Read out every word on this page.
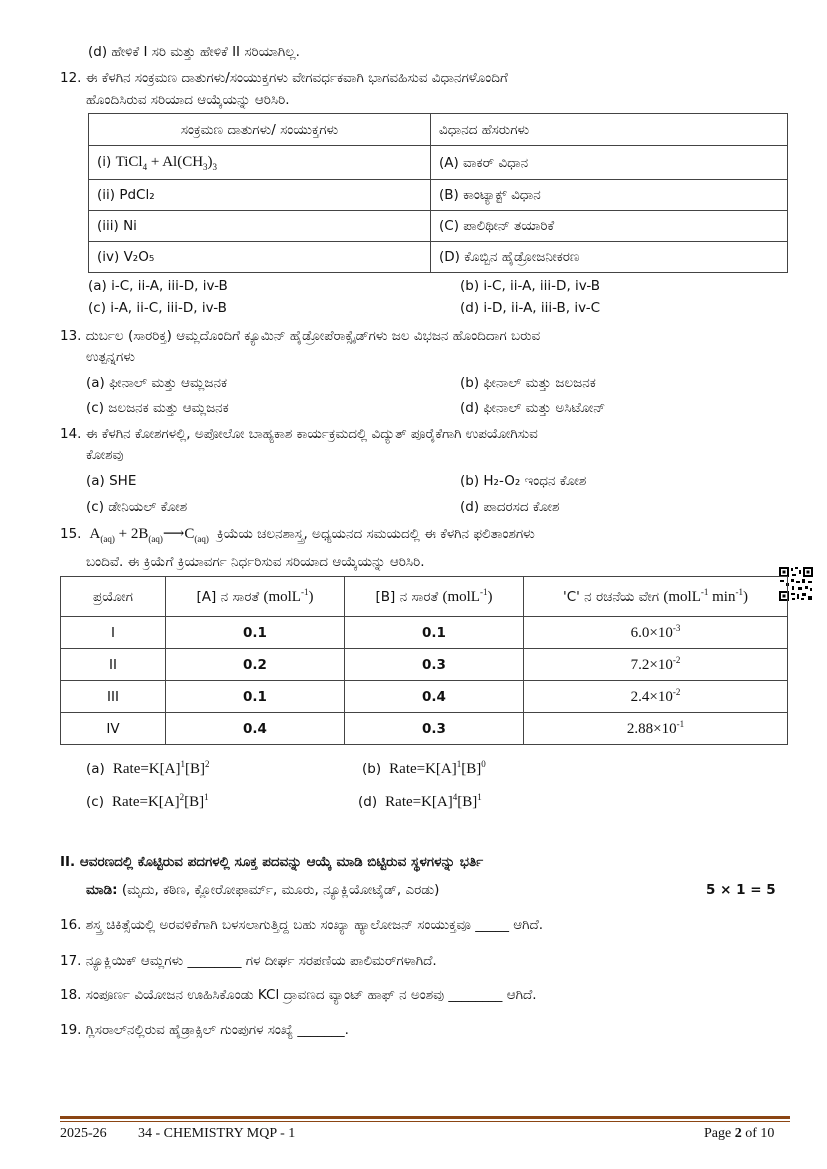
(d) ಹೇಳಿಕೆ I ಸರಿ ಮತ್ತು ಹೇಳಿಕೆ II ಸರಿಯಾಗಿಲ್ಲ.
12. ಈ ಕೆಳಗಿನ ಸಂಕ್ರಮಣ ದಾತುಗಳು/ಸಂಯುಕ್ತಗಳು ವೇಗವರ್ಧಕವಾಗಿ ಭಾಗವಹಿಸುವ ವಿಧಾನಗಳೊಂದಿಗೆ
ಹೊಂದಿಸಿರುವ ಸರಿಯಾದ ಆಯ್ಕೆಯನ್ನು ಆರಿಸಿರಿ.
ಸಂಕ್ರಮಣ ದಾತುಗಳು/ ಸಂಯುಕ್ತಗಳು	ವಿಧಾನದ ಹೆಸರುಗಳು
(i) TiCl$_4$ + $Al(CH_3)_3$	(A) ವಾಕರ್ ವಿಧಾನ
(ii) PdCl₂	(B) ಕಾಂಟ್ಯಾಕ್ಟ್ ವಿಧಾನ
(iii) Ni	(C) ಪಾಲಿಥೀನ್ ತಯಾರಿಕೆ
(iv) V₂O₅	(D) ಕೊಬ್ಬಿನ ಹೈಡ್ರೋಜನೀಕರಣ
(a) i-C, ii-A, iii-D, iv-B	(b) i-C, ii-A, iii-D, iv-B
(c) i-A, ii-C, iii-D, iv-B	(d) i-D, ii-A, iii-B, iv-C
13. ದುರ್ಬಲ (ಸಾರರಿಕ್ತ) ಆಮ್ಲದೊಂದಿಗೆ ಕ್ಯೂಮಿನ್ ಹೈಡ್ರೋಪೆರಾಕ್ಸೈಡ್‌ಗಳು ಜಲ ವಿಭಜನ ಹೊಂದಿದಾಗ ಬರುವ
ಉತ್ಪನ್ನಗಳು
(a) ಫೀನಾಲ್ ಮತ್ತು ಆಮ್ಲಜನಕ	(b) ಫೀನಾಲ್ ಮತ್ತು ಜಲಜನಕ
(c) ಜಲಜನಕ ಮತ್ತು ಆಮ್ಲಜನಕ	(d) ಫೀನಾಲ್ ಮತ್ತು ಅಸಿಟೋನ್
14. ಈ ಕೆಳಗಿನ ಕೋಶಗಳಲ್ಲಿ, ಅಪೋಲೋ ಬಾಹ್ಯಕಾಶ ಕಾರ್ಯಕ್ರಮದಲ್ಲಿ ವಿದ್ಯುತ್ ಪೂರೈಕೆಗಾಗಿ ಉಪಯೋಗಿಸುವ
ಕೋಶವು
(a) SHE	(b) H₂-O₂ ಇಂಧನ ಕೋಶ
(c) ಡೇನಿಯಲ್ ಕೋಶ	(d) ಪಾದರಸದ ಕೋಶ
15.  $A_{(aq)}$ + $2B_{(aq)}⟶C_{(aq)}$ ಕ್ರಿಯೆಯ ಚಲನಶಾಸ್ತ್ರ, ಅಧ್ಯಯನದ ಸಮಯದಲ್ಲಿ ಈ ಕೆಳಗಿನ ಫಲಿತಾಂಶಗಳು
ಬಂದಿವೆ. ಈ ಕ್ರಿಯೆಗೆ ಕ್ರಿಯಾವರ್ಗ ನಿರ್ಧರಿಸುವ ಸರಿಯಾದ ಆಯ್ಕೆಯನ್ನು ಆರಿಸಿರಿ.
ಪ್ರಯೋಗ	[A] ನ ಸಾರತೆ (molL$^{-1}$)	[B] ನ ಸಾರತೆ (molL$^{-1}$)	'C' ನ ರಚನೆಯ ವೇಗ (molL$^{-1}$ $\min^{-1}$)
I	0.1	0.1	$6.0\times 10^{-3}$
II	0.2	0.3	$7.2\times 10^{-2}$
III	0.1	0.4	$2.4\times 10^{-2}$
IV	0.4	0.3	$2.88\times 10^{-1}$
(a)  $Rate=K[A]^1[B]^2$	(b)  $Rate=K[A]^1[B]^0$
(c)  $Rate=K[A]^2[B]^1$	(d)  $Rate=K[A]^4[B]^1$
II. ಆವರಣದಲ್ಲಿ ಕೊಟ್ಟಿರುವ ಪದಗಳಲ್ಲಿ ಸೂಕ್ತ ಪದವನ್ನು ಆಯ್ಕೆ ಮಾಡಿ ಬಿಟ್ಟಿರುವ ಸ್ಥಳಗಳನ್ನು ಭರ್ತಿ
ಮಾಡಿ: (ಮೃದು, ಕಠಿಣ, ಕ್ಲೋರೋಫಾರ್ಮ್, ಮೂರು, ನ್ಯೂಕ್ಲಿಯೋಟೈಡ್, ಎರಡು)	5 × 1 = 5
16. ಶಸ್ತ್ರ ಚಿಕಿತ್ಸೆಯಲ್ಲಿ ಅರವಳಿಕೆಗಾಗಿ ಬಳಸಲಾಗುತ್ತಿದ್ದ ಬಹು ಸಂಖ್ಯಾ ಹ್ಯಾಲೋಜನ್ ಸಂಯುಕ್ತವೂ _____ ಆಗಿದೆ.
17. ನ್ಯೂಕ್ಲಿಯಿಕ್ ಆಮ್ಲಗಳು ________ ಗಳ ದೀರ್ಘ ಸರಪಣಿಯ ಪಾಲಿಮರ್‌ಗಳಾಗಿದೆ.
18. ಸಂಪೂರ್ಣ ವಿಯೋಜನ ಊಹಿಸಿಕೊಂಡು KCl ದ್ರಾವಣದ ವ್ಯಾಂಟ್ ಹಾಫ್ ನ ಅಂಶವು ________ ಆಗಿದೆ.
19. ಗ್ಲಿಸರಾಲ್‌ನಲ್ಲಿರುವ ಹೈಡ್ರಾಕ್ಸಿಲ್ ಗುಂಪುಗಳ ಸಂಖ್ಯೆ _______.
2025-26 34 - CHEMISTRY MQP - 1	Page 2 of 10
